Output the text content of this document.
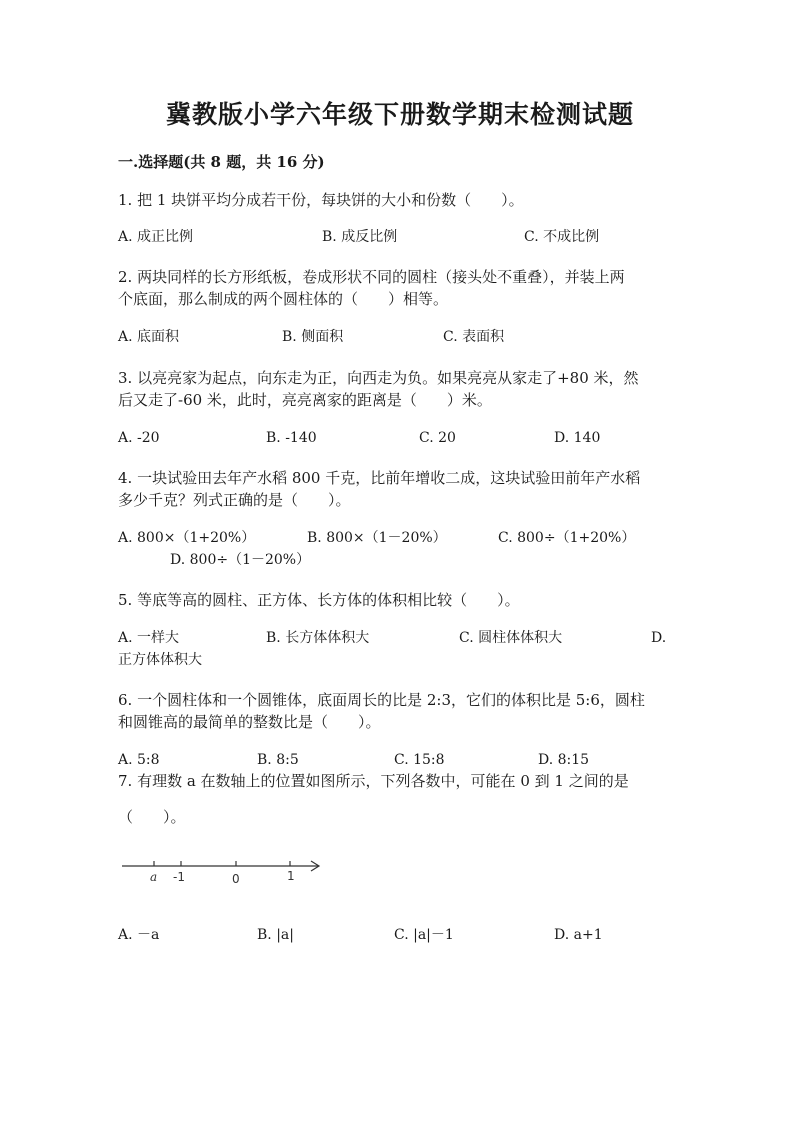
冀教版小学六年级下册数学期末检测试题
一.选择题(共 8 题，共 16 分)
1. 把 1 块饼平均分成若干份，每块饼的大小和份数（　　）。
A. 成正比例	B. 成反比例	C. 不成比例
2. 两块同样的长方形纸板，卷成形状不同的圆柱（接头处不重叠），并装上两
个底面，那么制成的两个圆柱体的（　　）相等。
A. 底面积	B. 侧面积	C. 表面积
3. 以亮亮家为起点，向东走为正，向西走为负。如果亮亮从家走了+80 米，然
后又走了-60 米，此时，亮亮离家的距离是（　　）米。
A. -20	B. -140	C. 20	D. 140
4. 一块试验田去年产水稻 800 千克，比前年增收二成，这块试验田前年产水稻
多少千克？列式正确的是（　　）。
A. 800×（1+20%）	B. 800×（1－20%）	C. 800÷（1+20%）
D. 800÷（1－20%）
5. 等底等高的圆柱、正方体、长方体的体积相比较（　　）。
A. 一样大	B. 长方体体积大	C. 圆柱体体积大	D.
正方体体积大
6. 一个圆柱体和一个圆锥体，底面周长的比是 2:3，它们的体积比是 5:6，圆柱
和圆锥高的最简单的整数比是（　　）。
A. 5:8	B. 8:5	C. 15:8	D. 8:15
7. 有理数 a 在数轴上的位置如图所示，下列各数中，可能在 0 到 1 之间的是
（　　）。
a -1	0	1
A. －a	B. |a|	C. |a|－1	D. a+1
